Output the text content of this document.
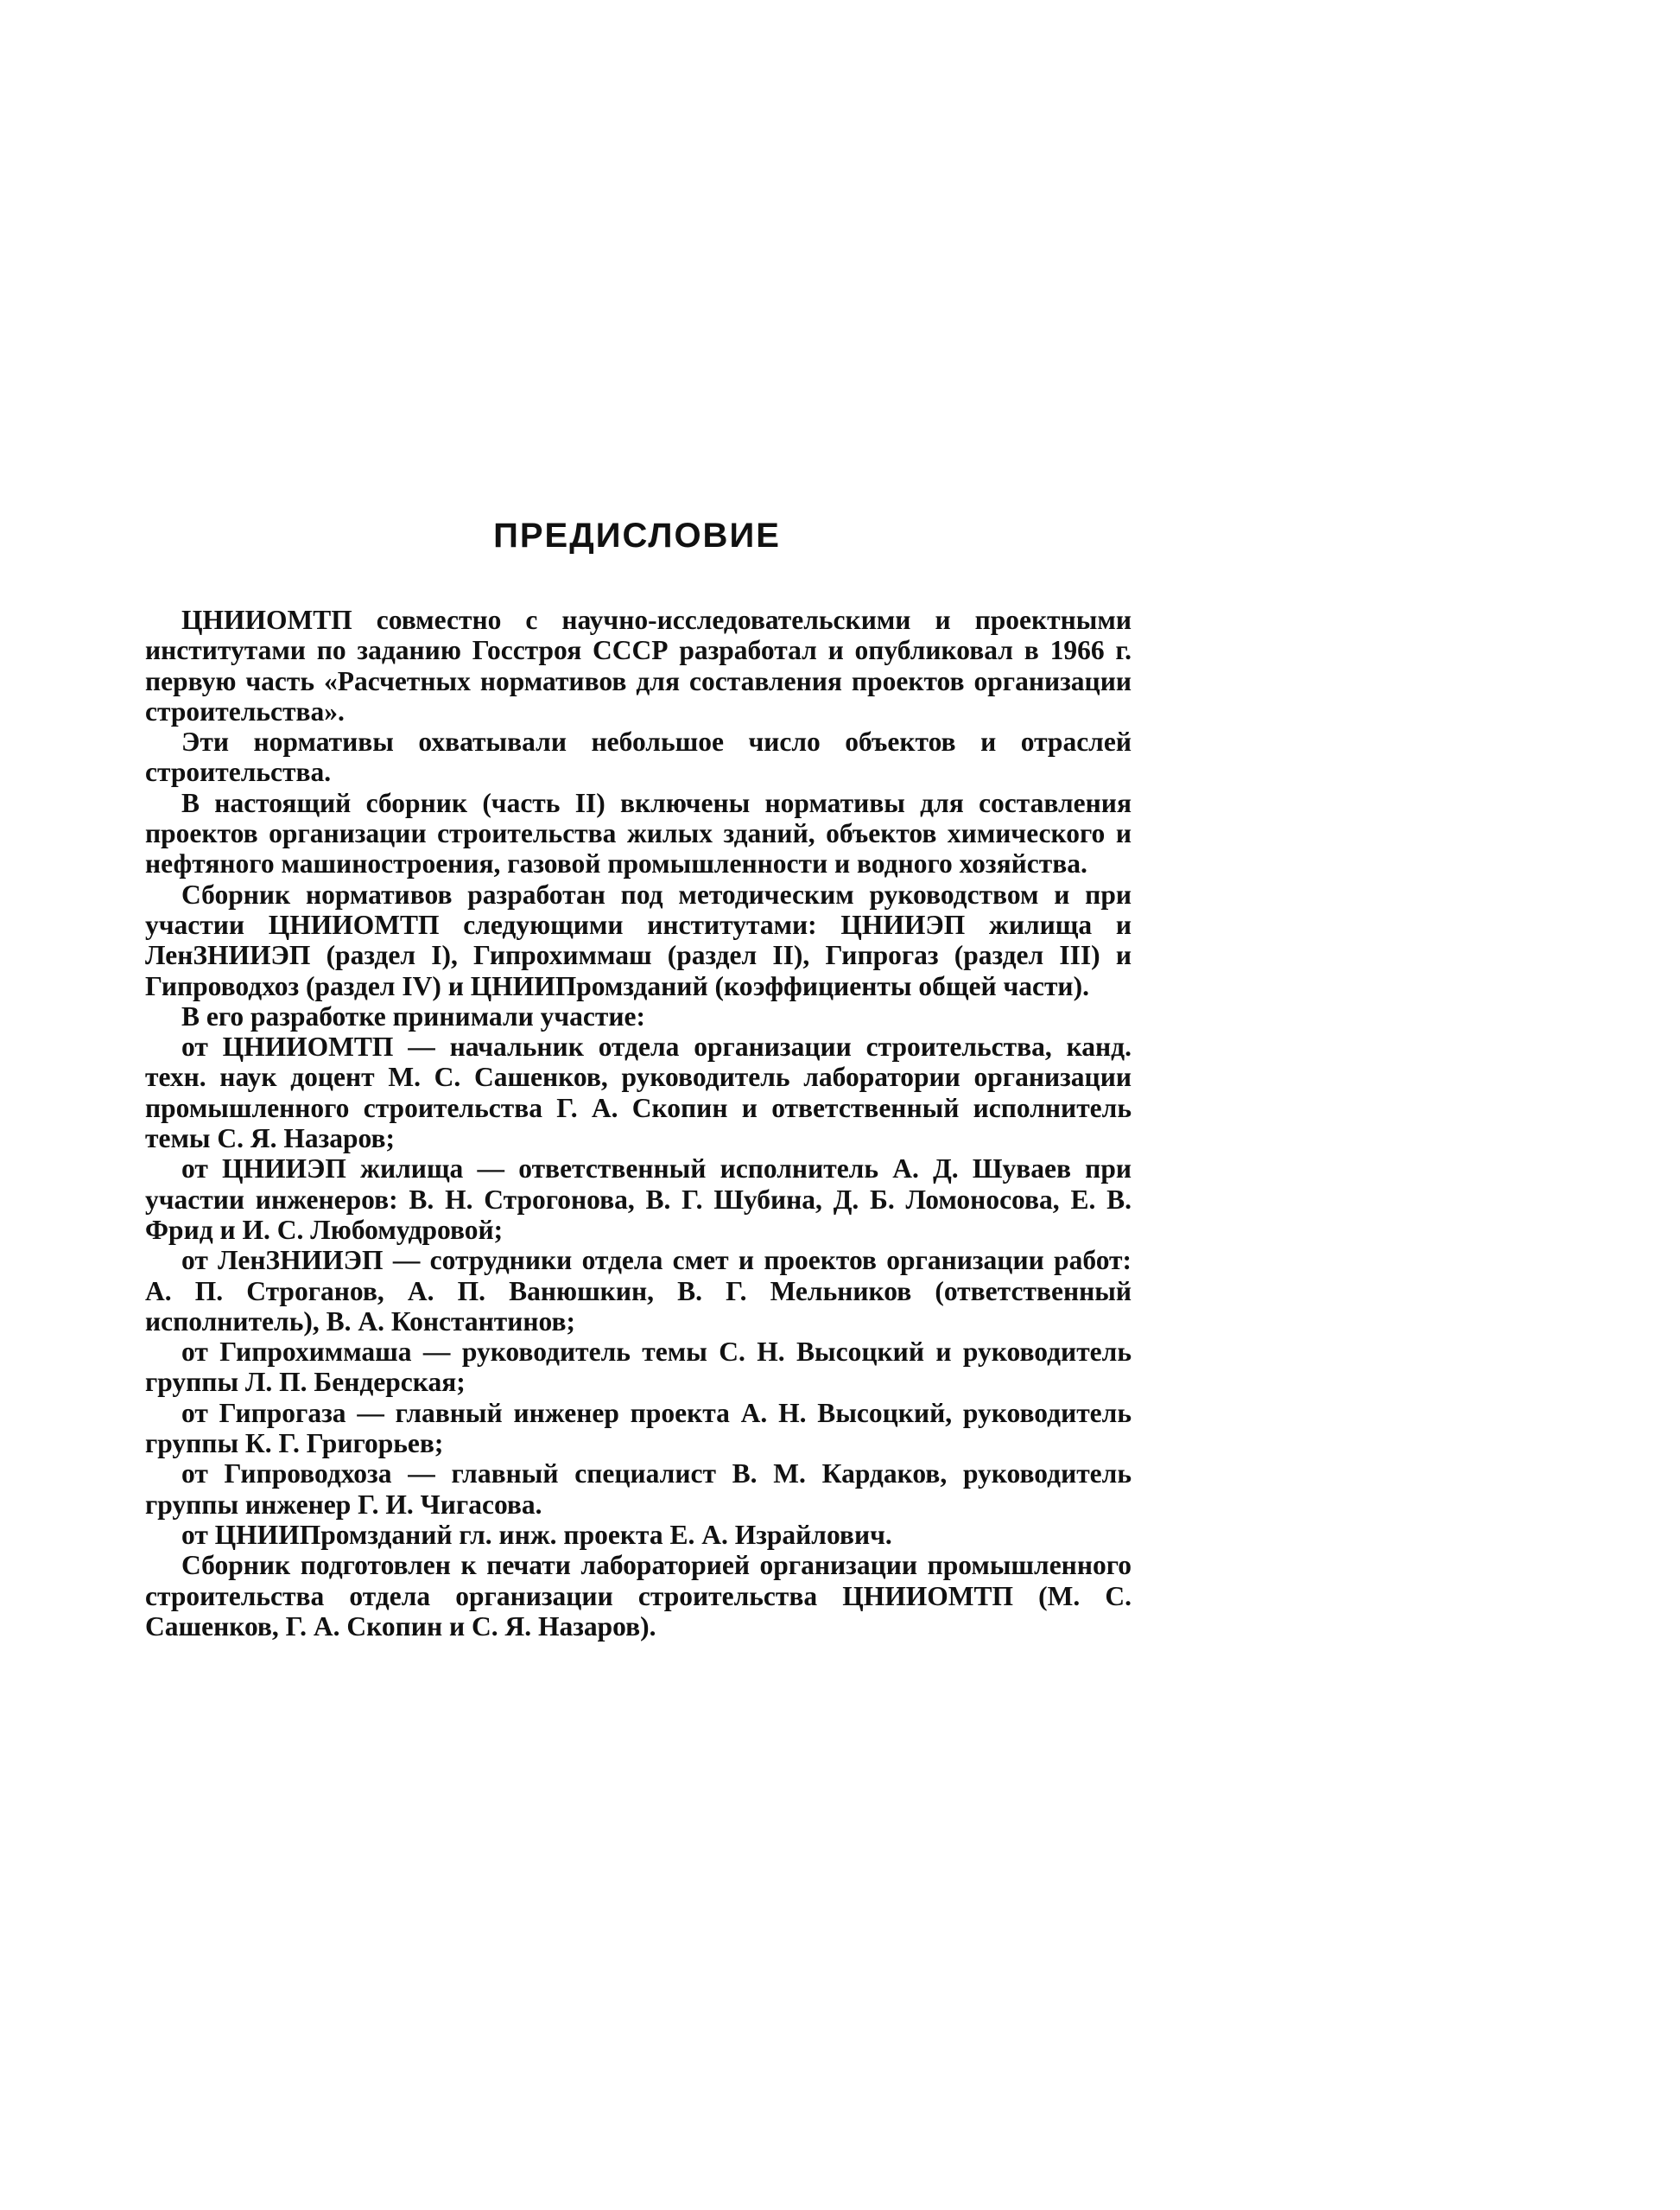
ПРЕДИСЛОВИЕ

ЦНИИОМТП совместно с научно-исследовательскими и проектными институтами по заданию Госстроя СССР разработал и опубликовал в 1966 г. первую часть «Расчетных нормативов для составления проектов организации строительства».

Эти нормативы охватывали небольшое число объектов и отраслей строительства.

В настоящий сборник (часть II) включены нормативы для составления проектов организации строительства жилых зданий, объектов химического и нефтяного машиностроения, газовой промышленности и водного хозяйства.

Сборник нормативов разработан под методическим руководством и при участии ЦНИИОМТП следующими институтами: ЦНИИЭП жилища и ЛенЗНИИЭП (раздел I), Гипрохиммаш (раздел II), Гипрогаз (раздел III) и Гипроводхоз (раздел IV) и ЦНИИПромзданий (коэффициенты общей части).

В его разработке принимали участие:

от ЦНИИОМТП — начальник отдела организации строительства, канд. техн. наук доцент М. С. Сашенков, руководитель лаборатории организации промышленного строительства Г. А. Скопин и ответственный исполнитель темы С. Я. Назаров;

от ЦНИИЭП жилища — ответственный исполнитель А. Д. Шуваев при участии инженеров: В. Н. Строгонова, В. Г. Шубина, Д. Б. Ломоносова, Е. В. Фрид и И. С. Любомудровой;

от ЛенЗНИИЭП — сотрудники отдела смет и проектов организации работ: А. П. Строганов, А. П. Ванюшкин, В. Г. Мельников (ответственный исполнитель), В. А. Константинов;

от Гипрохиммаша — руководитель темы С. Н. Высоцкий и руководитель группы Л. П. Бендерская;

от Гипрогаза — главный инженер проекта А. Н. Высоцкий, руководитель группы К. Г. Григорьев;

от Гипроводхоза — главный специалист В. М. Кардаков, руководитель группы инженер Г. И. Чигасова.

от ЦНИИПромзданий гл. инж. проекта Е. А. Израйлович.

Сборник подготовлен к печати лабораторией организации промышленного строительства отдела организации строительства ЦНИИОМТП (М. С. Сашенков, Г. А. Скопин и С. Я. Назаров).
